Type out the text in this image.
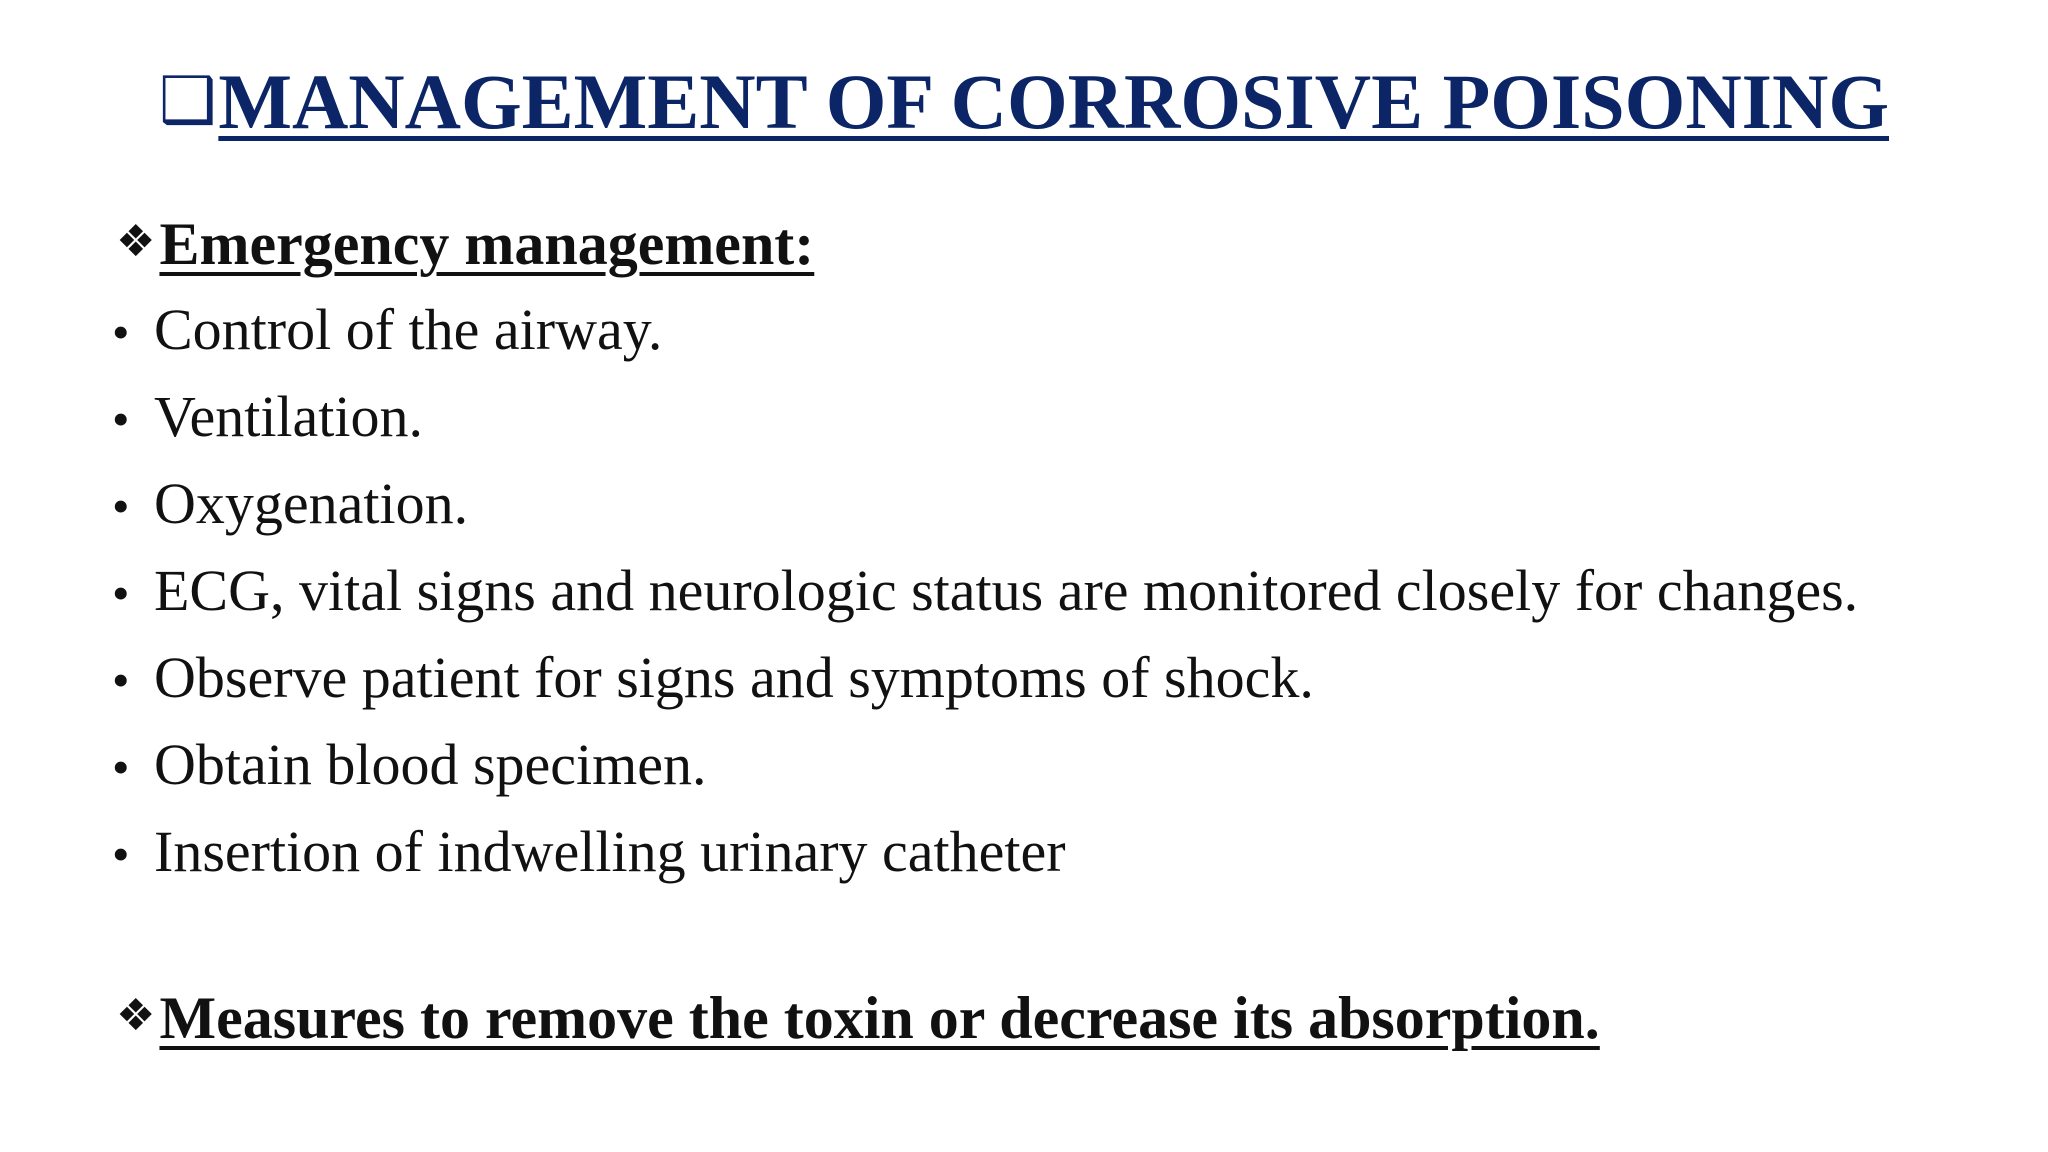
❑MANAGEMENT OF CORROSIVE POISONING
❖Emergency management:
• Control of the airway.
• Ventilation.
• Oxygenation.
• ECG, vital signs and neurologic status are monitored closely for changes.
• Observe patient for signs and symptoms of shock.
• Obtain blood specimen.
• Insertion of indwelling urinary catheter
❖Measures to remove the toxin or decrease its absorption.
